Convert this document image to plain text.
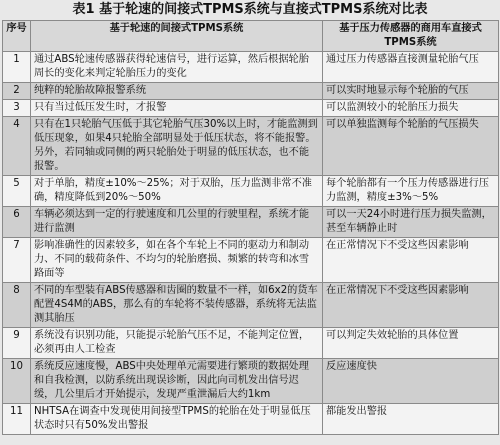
表1 基于轮速的间接式TPMS系统与直接式TPMS系统对比表
序号	基于轮速的间接式TPMS系统	基于压力传感器的商用车直接式TPMS系统
1	通过ABS轮速传感器获得轮速信号，进行运算，然后根据轮胎周长的变化来判定轮胎压力的变化	通过压力传感器直接测量轮胎气压
2	纯粹的轮胎故障报警系统	可以实时地显示每个轮胎的气压
3	只有当过低压发生时，才报警	可以监测较小的轮胎压力损失
4	只有在1只轮胎气压低于其它轮胎气压30%以上时，才能监测到低压现象，如果4只轮胎全部明显处于低压状态，将不能报警。另外，若同轴或同侧的两只轮胎处于明显的低压状态，也不能报警。	可以单独监测每个轮胎的气压损失
5	对于单胎，精度±10%～25%；对于双胎，压力监测非常不准确，精度降低到20%～50%	每个轮胎都有一个压力传感器进行压力监测，精度±3%～5%
6	车辆必须达到一定的行驶速度和几公里的行驶里程，系统才能进行监测	可以一天24小时进行压力损失监测，甚至车辆静止时
7	影响准确性的因素较多，如在各个车轮上不同的驱动力和制动力、不同的载荷条件、不均匀的轮胎磨损、频繁的转弯和冰雪路面等	在正常情况下不受这些因素影响
8	不同的车型装有ABS传感器和齿圈的数量不一样，如6x2的货车配置4S4M的ABS，那么有的车轮将不装传感器，系统将无法监测其胎压	在正常情况下不受这些因素影响
9	系统没有识别功能，只能提示轮胎气压不足，不能判定位置，必须再由人工检查	可以判定失效轮胎的具体位置
10	系统反应速度慢，ABS中央处理单元需要进行繁琐的数据处理和自我检测，以防系统出现误诊断，因此向司机发出信号迟缓，几公里后才开始提示，发现严重泄漏后大约1km	反应速度快
11	NHTSA在调查中发现使用间接型TPMS的轮胎在处于明显低压状态时只有50%发出警报	都能发出警报
